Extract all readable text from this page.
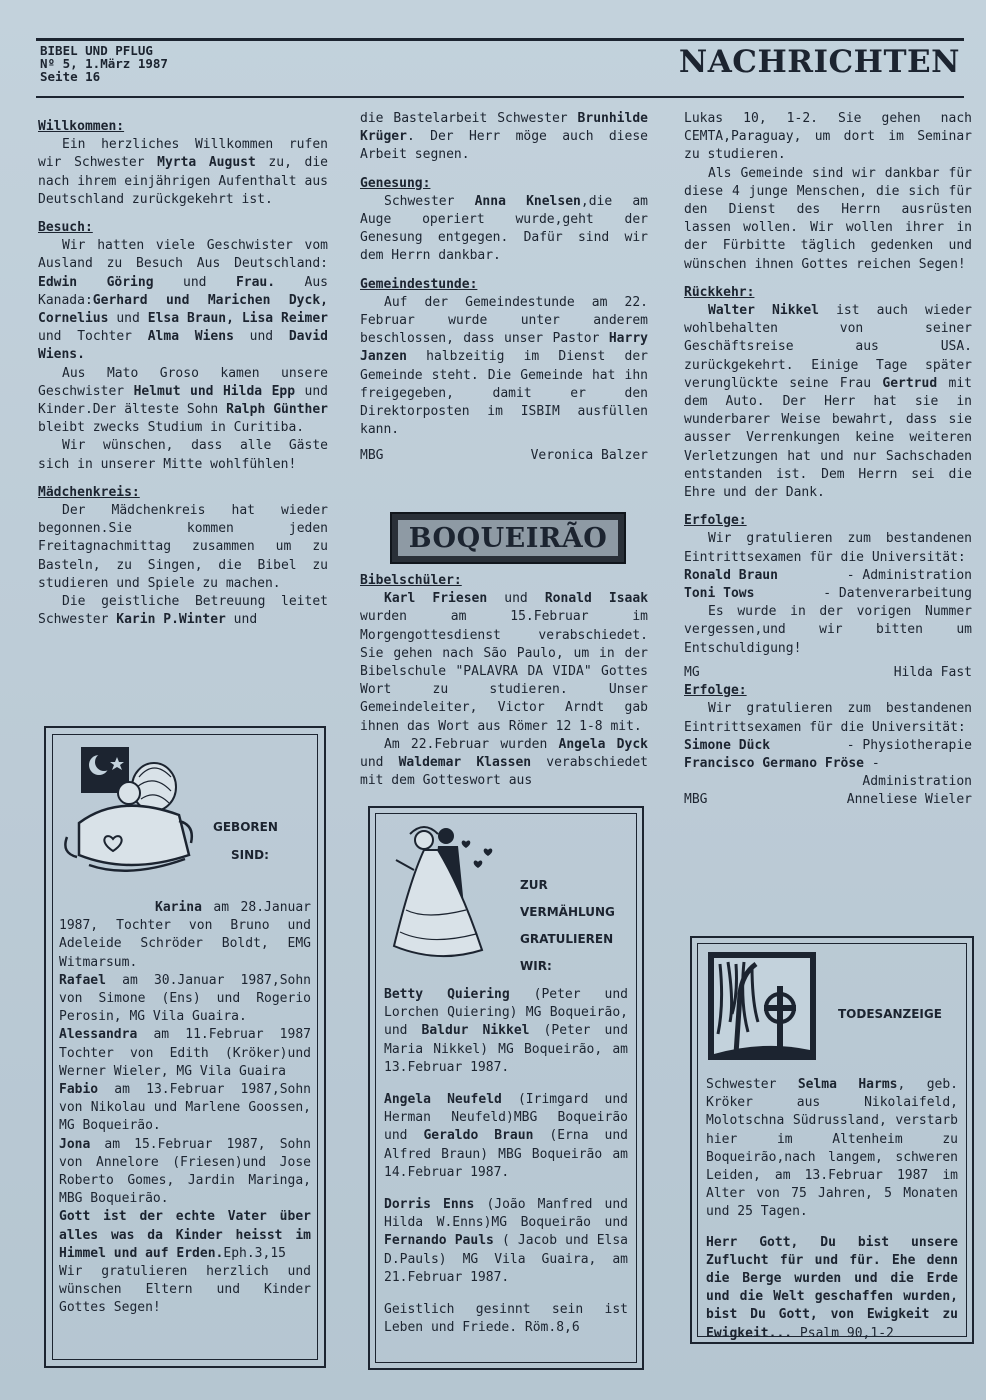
BIBEL UND PFLUG
Nº 5, 1.März 1987
Seite 16	NACHRICHTEN

Willkommen:

Ein herzliches Willkommen rufen wir Schwester Myrta August zu, die nach ihrem einjährigen Aufenthalt aus Deutschland zurückgekehrt ist.

Besuch:

Wir hatten viele Geschwister vom Ausland zu Besuch Aus Deutschland: Edwin Göring und Frau. Aus Kanada:Gerhard und Marichen Dyck, Cornelius und Elsa Braun, Lisa Reimer und Tochter Alma Wiens und David Wiens.

Aus Mato Groso kamen unsere Geschwister Helmut und Hilda Epp und Kinder.Der älteste Sohn Ralph Günther bleibt zwecks Studium in Curitiba.

Wir wünschen, dass alle Gäste sich in unserer Mitte wohlfühlen!

Mädchenkreis:

Der Mädchenkreis hat wieder begonnen.Sie kommen jeden Freitagnachmittag zusammen um zu Basteln, zu Singen, die Bibel zu studieren und Spiele zu machen.

Die geistliche Betreuung leitet Schwester Karin P.Winter und

GEBOREN
SIND:

Karina am 28.Januar 1987, Tochter von Bruno und Adeleide Schröder Boldt, EMG Witmarsum.

Rafael am 30.Januar 1987,Sohn von Simone (Ens) und Rogerio Perosin, MG Vila Guaira.

Alessandra am 11.Februar 1987 Tochter von Edith (Kröker)und Werner Wieler, MG Vila Guaira

Fabio am 13.Februar 1987,Sohn von Nikolau und Marlene Goossen, MG Boqueirão.

Jona am 15.Februar 1987, Sohn von Annelore (Friesen)und Jose Roberto Gomes, Jardin Maringa, MBG Boqueirão.

Gott ist der echte Vater über alles was da Kinder heisst im Himmel und auf Erden.Eph.3,15

Wir gratulieren herzlich und wünschen Eltern und Kinder Gottes Segen!

die Bastelarbeit Schwester Brunhilde Krüger. Der Herr möge auch diese Arbeit segnen.

Genesung:

Schwester Anna Knelsen,die am Auge operiert wurde,geht der Genesung entgegen. Dafür sind wir dem Herrn dankbar.

Gemeindestunde:

Auf der Gemeindestunde am 22. Februar wurde unter anderem beschlossen, dass unser Pastor Harry Janzen halbzeitig im Dienst der Gemeinde steht. Die Gemeinde hat ihn freigegeben, damit er den Direktorposten im ISBIM ausfüllen kann.

MBG	Veronica Balzer

BOQUEIRÃO

Bibelschüler:

Karl Friesen und Ronald Isaak wurden am 15.Februar im Morgengottesdienst verabschiedet. Sie gehen nach São Paulo, um in der Bibelschule "PALAVRA DA VIDA" Gottes Wort zu studieren. Unser Gemeindeleiter, Victor Arndt gab ihnen das Wort aus Römer 12 1-8 mit.

Am 22.Februar wurden Angela Dyck und Waldemar Klassen verabschiedet mit dem Gotteswort aus

ZUR
VERMÄHLUNG
GRATULIEREN
WIR:

Betty Quiering (Peter und Lorchen Quiering) MG Boqueirão, und Baldur Nikkel (Peter und Maria Nikkel) MG Boqueirão, am 13.Februar 1987.

Angela Neufeld (Irimgard und Herman Neufeld)MBG Boqueirão und Geraldo Braun (Erna und Alfred Braun) MBG Boqueirão am 14.Februar 1987.

Dorris Enns (João Manfred und Hilda W.Enns)MG Boqueirão und Fernando Pauls ( Jacob und Elsa D.Pauls) MG Vila Guaira, am 21.Februar 1987.

Geistlich gesinnt sein ist Leben und Friede. Röm.8,6

Lukas 10, 1-2. Sie gehen nach CEMTA,Paraguay, um dort im Seminar zu studieren.

Als Gemeinde sind wir dankbar für diese 4 junge Menschen, die sich für den Dienst des Herrn ausrüsten lassen wollen. Wir wollen ihrer in der Fürbitte täglich gedenken und wünschen ihnen Gottes reichen Segen!

Rückkehr:

Walter Nikkel ist auch wieder wohlbehalten von seiner Geschäftsreise aus USA. zurückgekehrt. Einige Tage später verunglückte seine Frau Gertrud mit dem Auto. Der Herr hat sie in wunderbarer Weise bewahrt, dass sie ausser Verrenkungen keine weiteren Verletzungen hat und nur Sachschaden entstanden ist. Dem Herrn sei die Ehre und der Dank.

Erfolge:

Wir gratulieren zum bestandenen Eintrittsexamen für die Universität:

Ronald Braun	- Administration

Toni Tows	- Datenverarbeitung

Es wurde in der vorigen Nummer vergessen,und wir bitten um Entschuldigung!

MG	Hilda Fast

Erfolge:

Wir gratulieren zum bestandenen Eintrittsexamen für die Universität:

Simone Dück	- Physiotherapie

Francisco Germano Fröse -

Administration

MBG	Anneliese Wieler

TODESANZEIGE

Schwester Selma Harms, geb. Kröker aus Nikolaifeld, Molotschna Südrussland, verstarb hier im Altenheim zu Boqueirão,nach langem, schweren Leiden, am 13.Februar 1987 im Alter von 75 Jahren, 5 Monaten und 25 Tagen.

Herr Gott, Du bist unsere Zuflucht für und für. Ehe denn die Berge wurden und die Erde und die Welt geschaffen wurden, bist Du Gott, von Ewigkeit zu Ewigkeit... Psalm 90,1-2
